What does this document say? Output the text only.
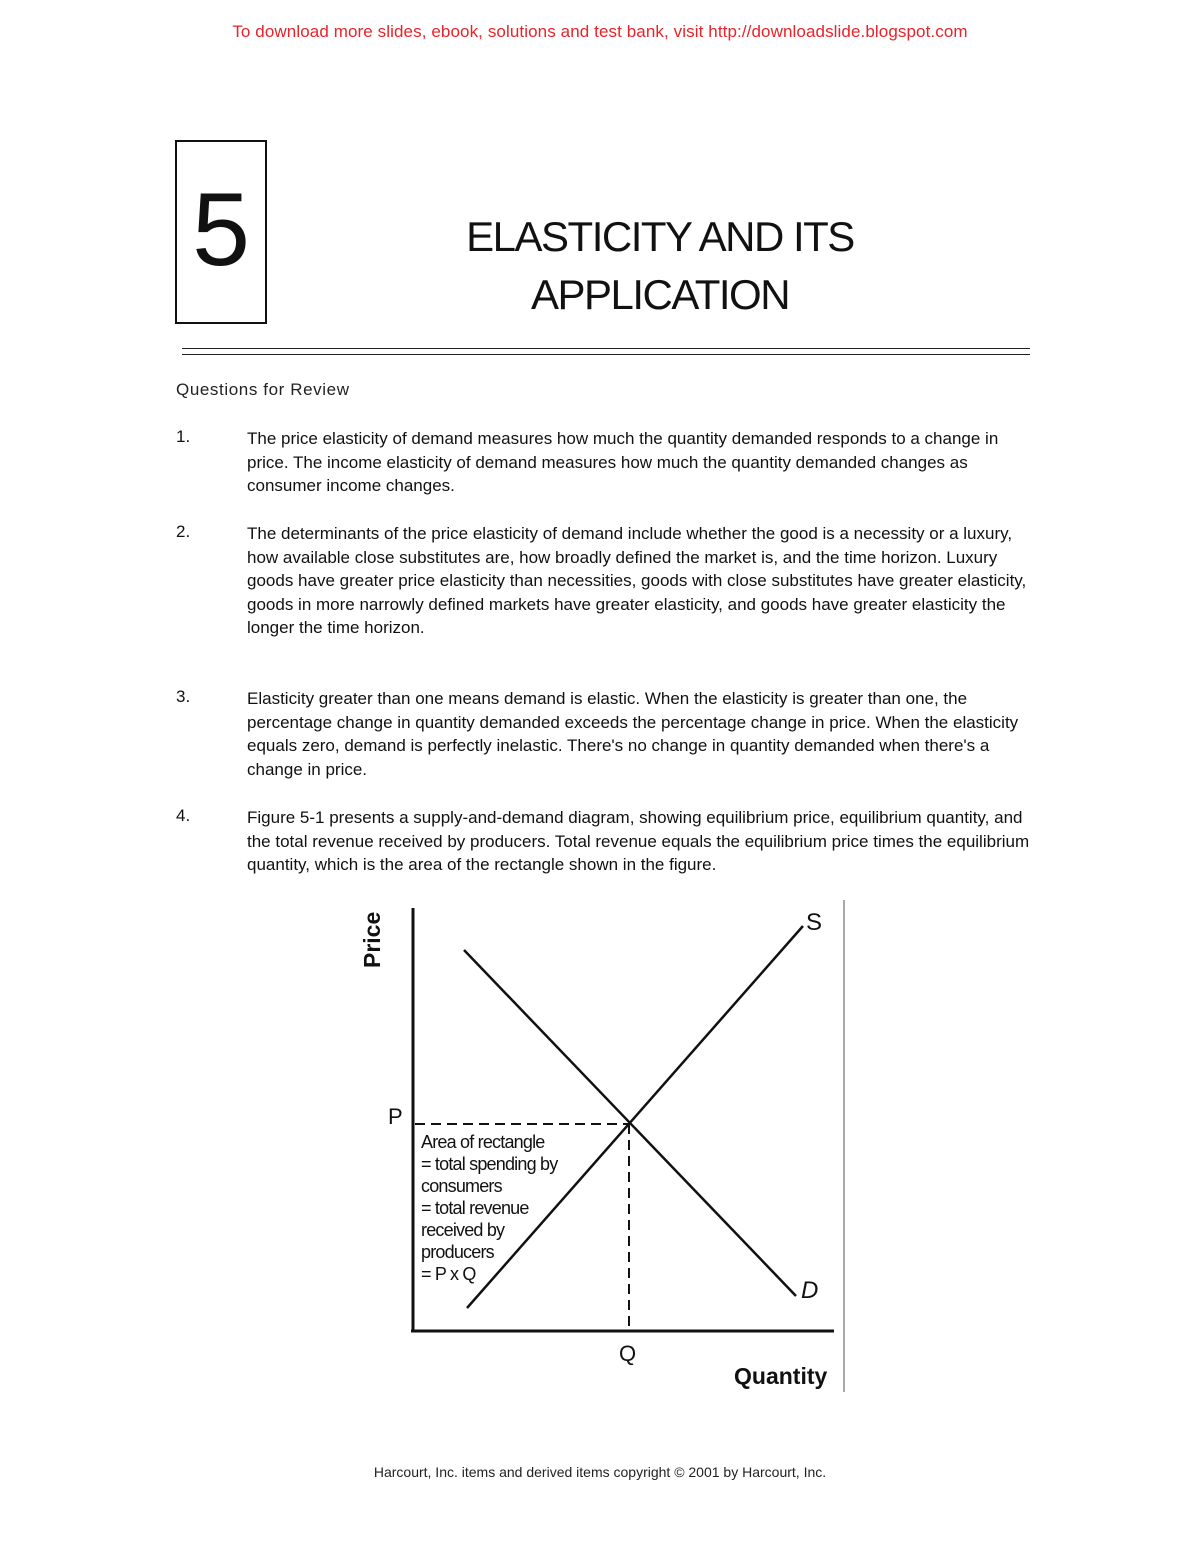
To download more slides, ebook, solutions and test bank, visit http://downloadslide.blogspot.com
5	ELASTICITY AND ITS
APPLICATION
Questions for Review
1.	The price elasticity of demand measures how much the quantity demanded responds to a change in price. The income elasticity of demand measures how much the quantity demanded changes as consumer income changes.
2.	The determinants of the price elasticity of demand include whether the good is a necessity or a luxury, how available close substitutes are, how broadly defined the market is, and the time horizon. Luxury goods have greater price elasticity than necessities, goods with close substitutes have greater elasticity, goods in more narrowly defined markets have greater elasticity, and goods have greater elasticity the longer the time horizon.
3.	Elasticity greater than one means demand is elastic. When the elasticity is greater than one, the percentage change in quantity demanded exceeds the percentage change in price. When the elasticity equals zero, demand is perfectly inelastic. There's no change in quantity demanded when there's a change in price.
4.	Figure 5-1 presents a supply-and-demand diagram, showing equilibrium price, equilibrium quantity, and the total revenue received by producers. Total revenue equals the equilibrium price times the equilibrium quantity, which is the area of the rectangle shown in the figure.
Price
Quantity
S
D
P
Q
Area of rectangle
= total spending by
consumers
= total revenue
received by
producers
= P x Q
Harcourt, Inc. items and derived items copyright © 2001 by Harcourt, Inc.
